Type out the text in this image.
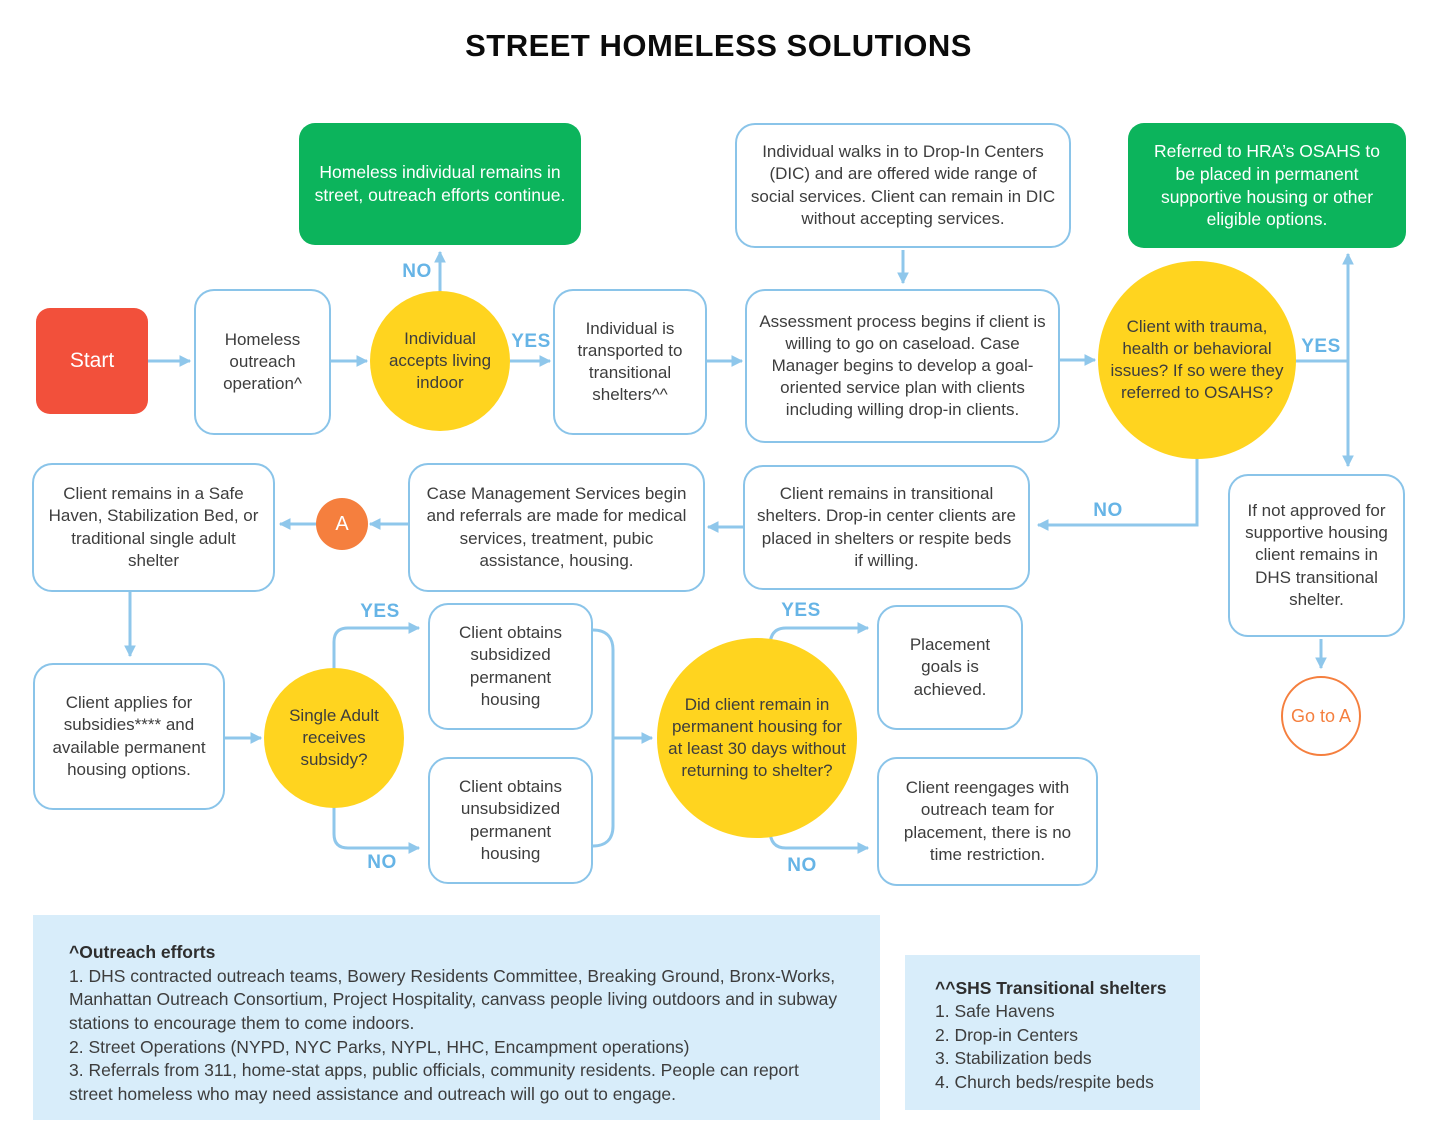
STREET HOMELESS SOLUTIONS
Homeless individual remains in street, outreach efforts continue.
Individual walks in to Drop-In Centers (DIC) and are offered wide range of social services. Client can remain in DIC without accepting services.
Referred to HRA’s OSAHS to be placed in permanent supportive housing or other eligible options.
Start
Homeless outreach operation^
Individual accepts living indoor
Individual is transported to transitional shelters^^
Assessment process begins if client is willing to go on caseload. Case Manager begins to develop a goal-oriented service plan with clients including willing drop-in clients.
Client with trauma, health or behavioral issues? If so were they referred to OSAHS?
Client remains in a Safe Haven, Stabilization Bed, or traditional single adult shelter
A
Case Management Services begin and referrals are made for medical services, treatment, pubic assistance, housing.
Client remains in transitional shelters. Drop-in center clients are placed in shelters or respite beds if willing.
If not approved for supportive housing client remains in DHS transitional shelter.
Go to A
Client applies for subsidies**** and available permanent housing options.
Single Adult receives subsidy?
Client obtains subsidized permanent housing
Client obtains unsubsidized permanent housing
Did client remain in permanent housing for at least 30 days without returning to shelter?
Placement goals is achieved.
Client reengages with outreach team for placement, there is no time restriction.
NO
YES	YES
NO
YES
NO
YES
NO
^Outreach efforts
1. DHS contracted outreach teams, Bowery Residents Committee, Breaking Ground, Bronx-Works, Manhattan Outreach Consortium, Project Hospitality, canvass people living outdoors and in subway stations to encourage them to come indoors.
2. Street Operations (NYPD, NYC Parks, NYPL, HHC, Encampment operations)
3. Referrals from 311, home-stat apps, public officials, community residents. People can report street homeless who may need assistance and outreach will go out to engage.
^^SHS Transitional shelters
1. Safe Havens
2. Drop-in Centers
3. Stabilization beds
4. Church beds/respite beds
